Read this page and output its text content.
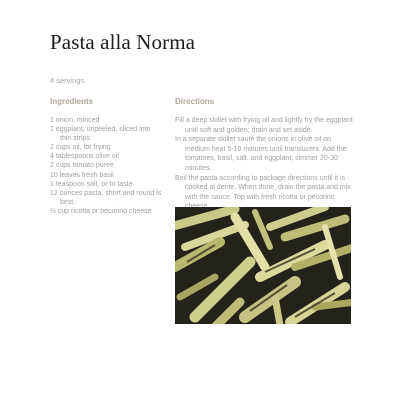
Pasta alla Norma
4 servings
Ingredients	Directions
1 onion, minced
1 eggplant, unpeeled, sliced into thin strips
2 cups oil, for frying
4 tablespoons olive oil
2 cups tomato puree
10 leaves fresh basil
1 teaspoon salt, or to taste
12 ounces pasta, short and round is best
½ cup ricotta or pecorino cheese
Fill a deep skillet with frying oil and lightly fry the eggplant until soft and golden; drain and set aside.
In a separate skillet sauté the onions in olive oil on medium heat 5-10 minutes until translucent. Add the tomatoes, basil, salt, and eggplant; simmer 20-30 minutes.
Boil the pasta according to package directions until it is cooked al dente. When done, drain the pasta and mix with the sauce. Top with fresh ricotta or pecorino
